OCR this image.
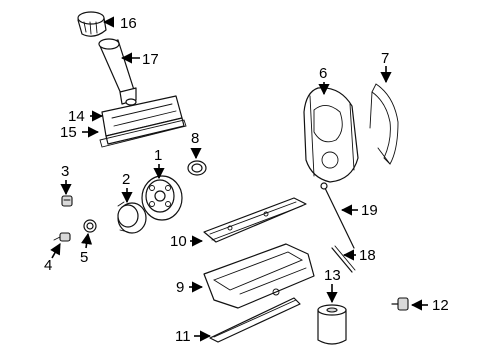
16
17
14
15	8
1
2
3
4 5
6
7
19
18
10
9
11
13
12
